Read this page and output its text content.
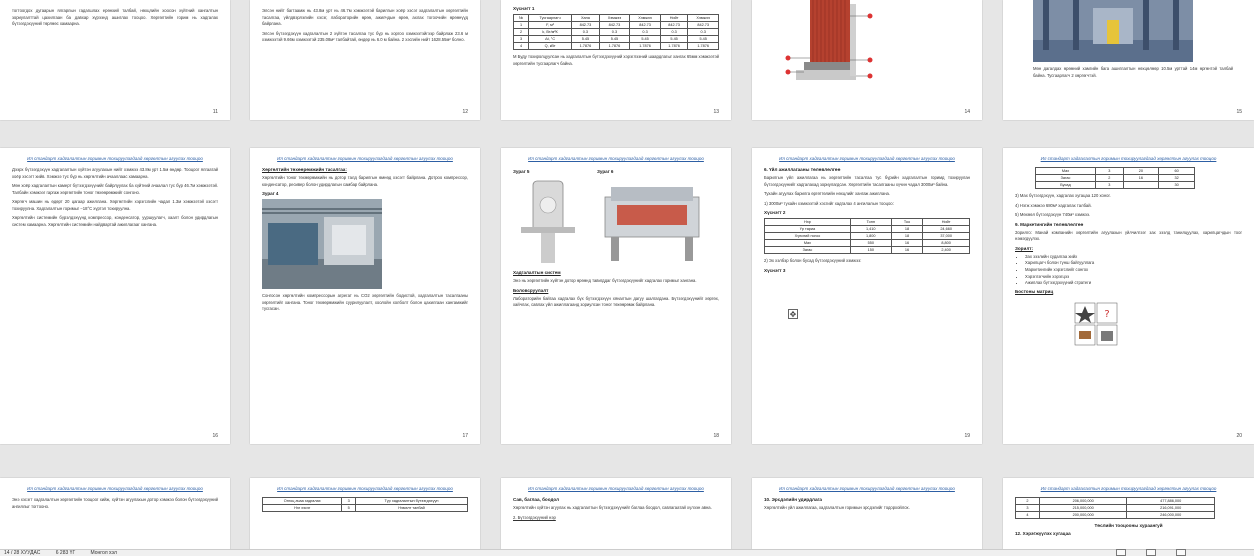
тогтоогдох дугаарын ялгарлын гадагшлах ерөнхий талбай, нөхцлийн хоосон хүйтний хангалтын зориулалттай цахилгаан ба давхар хүрээнд ашиглах тооцоо. Хөргөлтийн горим нь хадгалах бүтээгдэхүүний төрлөөс хамаарна.
11
Элсэн нийт багтаамж нь 43.8м урт нь 46.7м хэмжээтэй барилгын хоёр хэсэг хадгалалтын хөргөлтийн тасалгаа, үйлдвэрлэлийн хэсэг, лабораторийн өрөө, ажилчдын өрөө, ахлах тогоочийн өрөөнүүд байрлана.
Элсэн бүтээгдэхүүн хадгалалтын 2 хүйтэн тасалгаа тус бүр нь хоргоо хэмжээтэйгээр байрлаж 23.6 м хэмжээтэй 9.66м хэмжээтэй 235.08м² талбайтай, өндөр нь 6.0 м байна. 2 хэсгийн нийт 1628.55м² болно.
12
Хүснэгт 1
№	Тусгаарлагч	Хана	Хэмжээ	Хэмжээ	Нийт	Хэмжээ
1	F, м²	842.73	842.73	842.73	842.73	842.73
2	k, Вт/м²К	0.3	0.3	0.3	0.3	0.3
3	Δt, °C	5.45	5.45	5.45	5.45	5.45
4	Q, кВт	1.7876	1.7876	1.7876	1.7876	1.7876
М Буду тохиролцуулсан нь хадгалалтын бүтээгдэхүүний хэрэглээний шаардлагыг хангах 65мм хэмжээтэй хөргөлтийн тусгаарлагч байна.
13	14
Мөн дагалдах өрөөний хамгийн бага ашиглалтын нөхцөлөөр 10.5м урттай 14м өргөнтэй талбай байна. Тусгаарлагч 2 хөргөгчтэй.
15
Ил стандарт хадгалалтын горимын тохируулагдаад хөргөлтын агуулах тооцоо
Дээрх бүтээгдэхүүн хадгалалтын хүйтэн агуулахын нийт хэмжээ 43.8м урт 1.5м өндөр. Тооцоог ялгаатай хоёр хэсэгт хийв. Хэмжээ тус бүр нь хөргөлтийн ачааллаас хамаарна.
Мөн хоёр хадгалалтын камерт бүтээгдэхүүнийг байрлуулах ба хүйтний ачаалал тус бүр 46.7м хэмжээтэй. Талбайн хэмжээг гаргаж хөргөлтийн тоног төхөөрөмжийг сонгоно.
Хөргөгч машин нь өдөрт 20 цагаар ажиллана. Хөргөлтийн хэрэгслийн чадал 1.3м хэмжээтэй хэсэгт тохируулна. Хадгалалтын горимыг −18°C хүртэл тохируулна.
Хөргөлтийн системийн бүрэлдэхүүнд компрессор, конденсатор, ууршуулагч, хаалт болон удирдлагын систем хамаарна. Хөргөлтийн системийн найдвартай ажиллагааг хангана.
16
Ил стандарт хадгалалтын горимын тохируулагдаад хөргөлтын агуулах тооцоо
Хөргөлтийн төхөөрөмжийн тасалгаа:
Хөргөлтийн тоног төхөөрөмжийн нь дотор талд барилгын өмнөд хэсэгт байрлана. Дотроо компрессор, конденсатор, ресивер болон удирдлагын самбар байрлана.
Зураг 4
Сонгосон хөргөлтийн компрессорын агрегат нь CO2 хөргөлтийн бодистой, хадгалалтын тасалгааны хөргөлтийг хангана. Тоног төхөөрөмжийн суурилуулалт, хоолойн холболт болон цахилгаан хангамжийг тусгасан.
17
Ил стандарт хадгалалтын горимын тохируулагдаад хөргөлтын агуулах тооцоо
Зураг 5	Зураг 6
Хадгалалтын систем
Энэ нь хөргөлтийн хүйтэн дотор өрөөнд тавигддаг бүтээгдэхүүнийг хадгалах горимыг хангана.
Боловсруулалт
Лабораторийн байгаа хадгалах бүх бүтээгдэхүүн хяналтын дагуу шалгагдана. Бүтээгдэхүүнийг хөргөх, хайчлах, савлах үйл ажиллагаанд зориулсан тоног төхөөрөмж байрлана.
18
Ил стандарт хадгалалтын горимын тохируулагдаад хөргөлтын агуулах тооцоо
6. Үйл ажиллагааны төлөвлөлгөө
Барилгын үйл ажиллагаа нь хөргөлтийн тасалгаа тус бүрийн хадгалалтын горимд тохируулан бүтээгдэхүүнийг хадгалахад зориулагдсан. Хөргөлтийн тасалгааны хүчин чадал 3000м³ байна.
Тухайн агуулах барилга өргөтгөлийн нөхцлийг хангаж ажиллана.
1) 3000м³ тухайн хэмжээтэй хэсгийг хадгалах 4 ангилалын тооцоо:
Хүснэгт 2
Нэр	Тонн	Тоо	Нийт
Үр тариа	1,410	18	24,660
Хүнсний ногоо	1,800	18	37,000
Мах	550	16	8,800
Загас	150	16	2,400
2) Эх хэлбэр болон бусад бүтээгдэхүүний хэмжээ:
Хүснэгт 3
✥
19
Ил стандарт хадгалалтын горимын тохируулагдаад хөргөлтын агуулах тооцоо
Мах	3	20	60
Загас	2	16	32
Бусад	3		30
3) Мах бүтээгдэхүүн, хадгалах хугацаа 120 хоног.
4) Нэгж хэмжээ 680м³ хадгалах талбай.
5) Мөхөөл бүтээгдэхүүн 740м³ хэмжээ.
9. Маркетингийн төлөвлөлгөө
Зорилго: Манай компанийн хөргөлтийн агуулахын үйлчилгээг зах зээлд танилцуулах, харилцагчдын тоог нэмэгдүүлэх.
Зорилт:
• Зах зээлийн судалгаа хийх
• Харилцагч болон түнш байгууллага
• Маркетингийн хэрэгслийг сонгох
• Хэрэглэгчийн хэрэгцээ
• Ажиллах бүтээгдэхүүний стратеги
Бостоны матриц
?
20
Ил стандарт хадгалалтын горимын тохируулагдаад хөргөлтын агуулах тооцоо
Энэ хэсэгт хадгалалтын хөргөлтийн тооцоог хийж, хүйтэн агуулахын дотор хэмжээ болон бүтээгдэхүүний ангиллыг тогтооно.
Ил стандарт хадгалалтын горимын тохируулагдаад хөргөлтын агуулах тооцоо
Онгоц ачаа хадгалах	3	Түр хадгалалтын бүтээгдэхүүн
Нэг хэсэг	5	Нэмэлт талбай
Ил стандарт хадгалалтын горимын тохируулагдаад хөргөлтын агуулах тооцоо
Сав, баглаа, боодол
Хөргөлтийн хүйтэн агуулах нь хадгалалтын бүтээгдэхүүнийг баглаа боодол, савлагаатай хүлээн авна.
2. Бүтээгдэхүүний нэр
Ил стандарт хадгалалтын горимын тохируулагдаад хөргөлтын агуулах тооцоо
10. Эрсдэлийн удирдлага
Хөргөлтийн үйл ажиллагаа, хадгалалтын горимын эрсдэлийг тодорхойлох.
Ил стандарт хадгалалтын горимын тохируулагдаад хөргөлтын агуулах тооцоо
2	206,000,000	477,886,000
3	215,000,000	216,091,000
4	200,000,000	246,000,000
Төслийн тооцооны хураангуй
12. Хэрэгжүүлэх хугацаа
14 / 28 ХУУДАС	6 283 ҮГ	Монгол хэл
